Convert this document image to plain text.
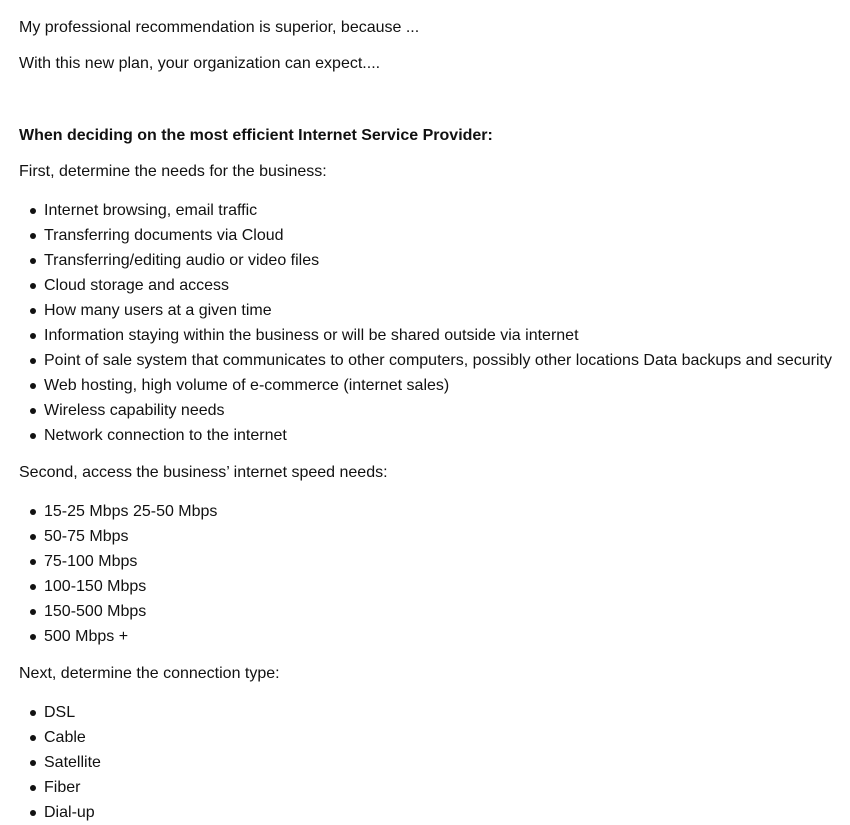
My professional recommendation is superior, because ...

With this new plan, your organization can expect....

When deciding on the most efficient Internet Service Provider:

First, determine the needs for the business:

Internet browsing, email traffic
Transferring documents via Cloud
Transferring/editing audio or video files
Cloud storage and access
How many users at a given time
Information staying within the business or will be shared outside via internet
Point of sale system that communicates to other computers, possibly other locations Data backups and security
Web hosting, high volume of e-commerce (internet sales)
Wireless capability needs
Network connection to the internet

Second, access the business’ internet speed needs:

15-25 Mbps 25-50 Mbps
50-75 Mbps
75-100 Mbps
100-150 Mbps
150-500 Mbps
500 Mbps +

Next, determine the connection type:

DSL
Cable
Satellite
Fiber
Dial-up
